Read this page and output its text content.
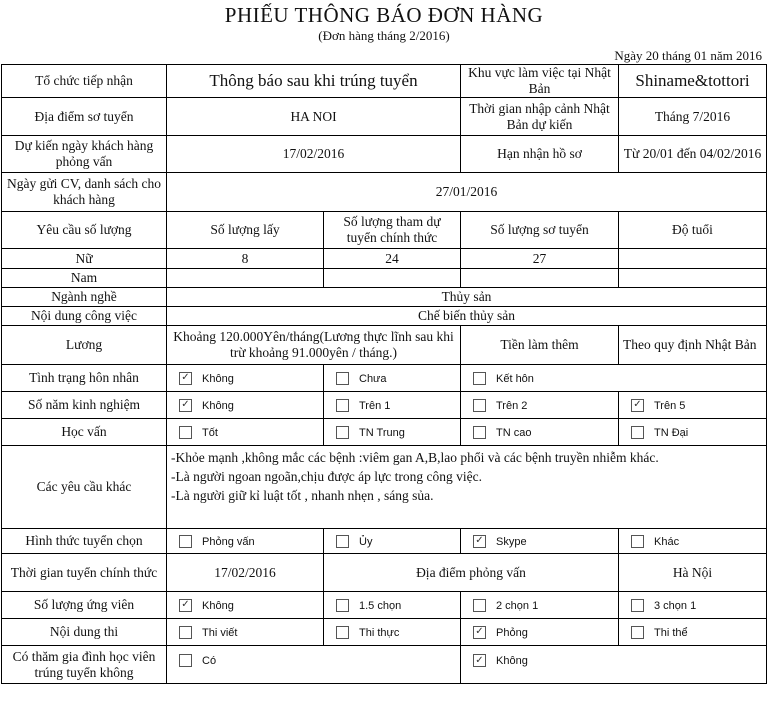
PHIẾU THÔNG BÁO ĐƠN HÀNG
(Đơn hàng tháng 2/2016)
Ngày 20 tháng 01 năm 2016
Tổ chức tiếp nhận	Thông báo sau khi trúng tuyển		Khu vực làm việc tại Nhật Bản	Shiname&tottori
Địa điểm sơ tuyển	HA NOI		Thời gian nhập cảnh Nhật Bản dự kiến	Tháng 7/2016
Dự kiến ngày khách hàng phỏng vấn	17/02/2016		Hạn nhận hồ sơ	Từ 20/01 đến 04/02/2016
Ngày gửi CV, danh sách cho khách hàng	27/01/2016			
Yêu cầu số lượng	Số lượng lấy	Số lượng tham dự tuyển chính thức	Số lượng sơ tuyển	Độ tuổi
Nữ	8	24	27	
Nam				
Ngành nghề	Thủy sản			
Nội dung công việc	Chế biến thủy sản			
Lương	Khoảng 120.000Yên/tháng(Lương thực lĩnh sau khi trừ khoảng 91.000yên / tháng.)		Tiền làm thêm	Theo quy định Nhật Bản
Tình trạng hôn nhân	✓ Không	Chưa	Kết hôn	
Số năm kinh nghiệm	✓ Không	Trên 1	Trên 2	✓ Trên 5
Học vấn	Tốt	TN Trung	TN cao	TN Đại
Các yêu cầu khác	-Khỏe mạnh ,không mắc các bệnh :viêm gan A,B,lao phổi và các bệnh truyền nhiễm khác.
-Là người ngoan ngoãn,chịu được áp lực trong công việc.
-Là người giữ kỉ luật tốt , nhanh nhẹn , sáng sủa.			

Hình thức tuyển chọn	Phỏng vấn	Ủy	✓ Skype	Khác
Thời gian tuyển chính thức	17/02/2016	Địa điểm phỏng vấn		Hà Nội
Số lượng ứng viên	✓ Không	1.5 chọn	2 chọn 1	3 chọn 1
Nội dung thi	Thi viết	Thi thực	✓ Phỏng	Thi thể
Có thăm gia đình học viên trúng tuyển không	Có		✓ Không	
